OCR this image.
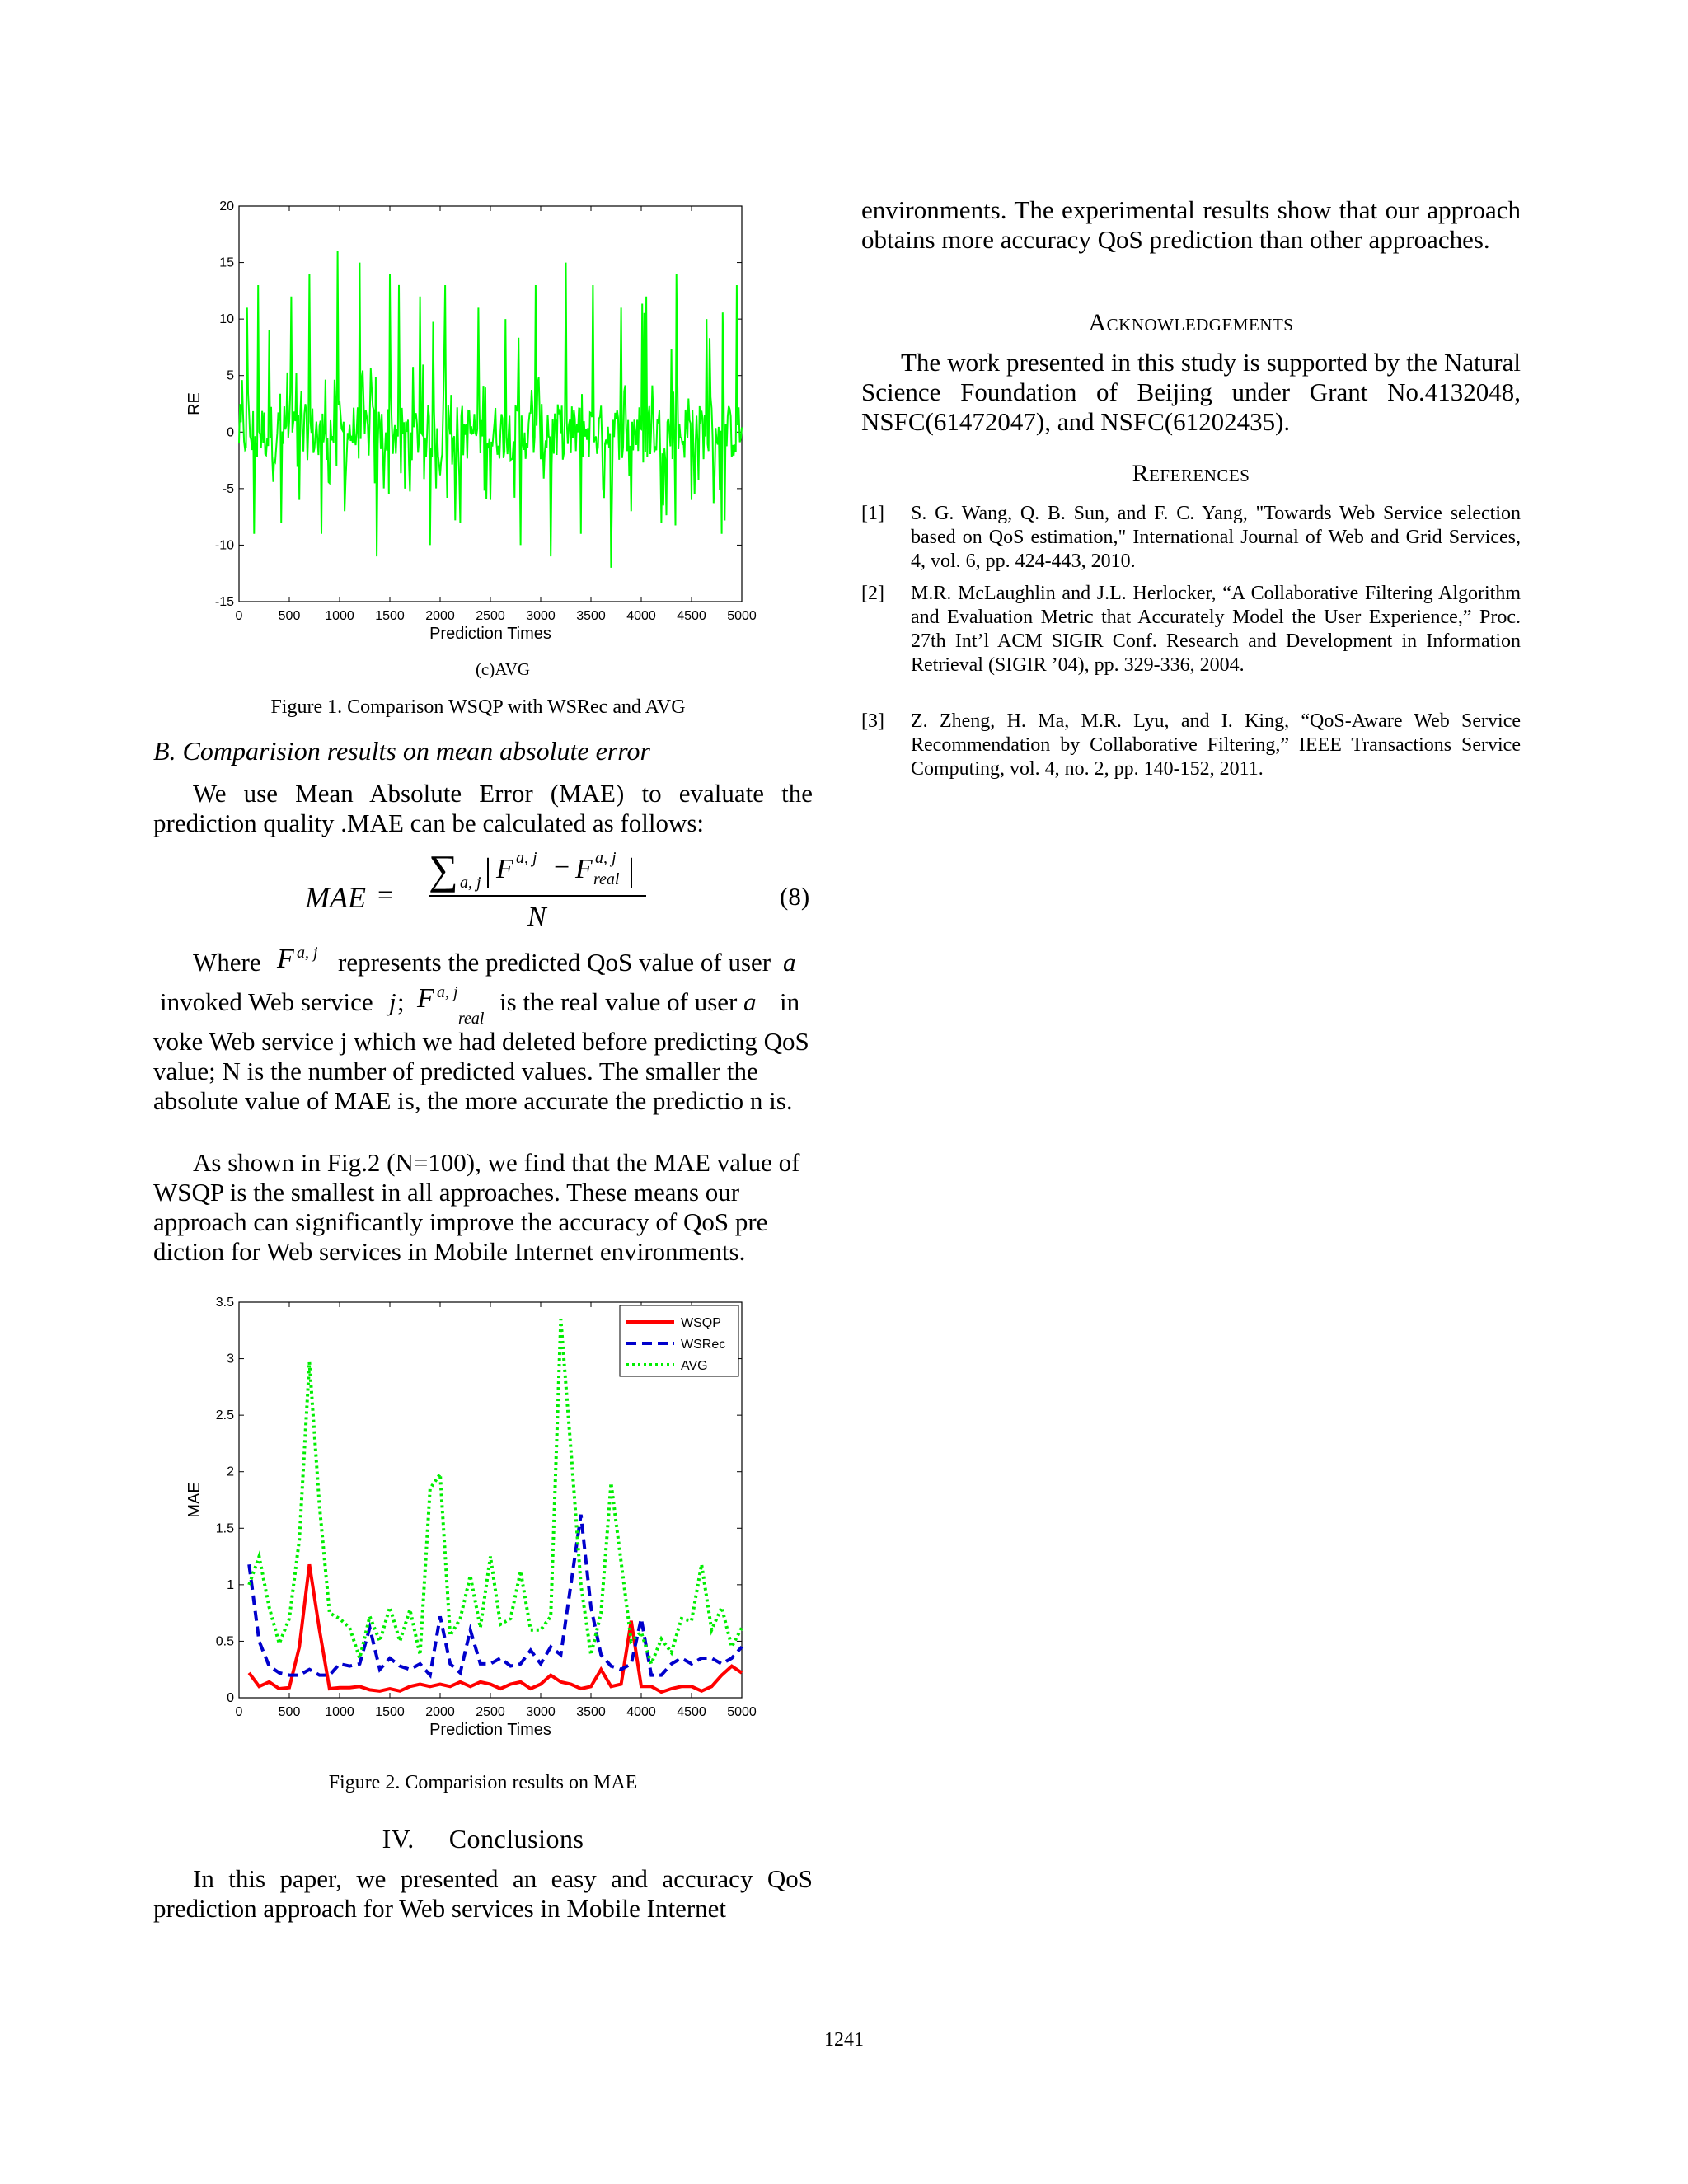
0	500 1000 1500 2000 2500 3000 3500 4000 4500 5000
-15
-10
-5
0
5
10
15
20
Prediction Times
RE
(c)AVG
Figure 1. Comparison WSQP with WSRec and AVG
B. Comparision results on mean absolute error

We use Mean Absolute Error (MAE) to evaluate the prediction quality .MAE can be calculated as follows:

MAE =
∑ a, j | F a, j − F a, j
real |
N
(8)
Where F a, j represents the predicted QoS value of user a
invoked Web service j ; F a, j
real
is the real value of user a in

voke Web service j which we had deleted before predicting QoS value; N is the number of predicted values. The smaller the absolute value of MAE is, the more accurate the predictio n is.

As shown in Fig.2 (N=100), we find that the MAE value of WSQP is the smallest in all approaches. These means our approach can significantly improve the accuracy of QoS pre diction for Web services in Mobile Internet environments.

0	500 1000 1500 2000 2500 3000 3500 4000 4500 5000
0
0.5
1
1.5
2
2.5
3
3.5
Prediction Times
MAE
WSQP
WSRec
AVG
Figure 2. Comparision results on MAE
IV. Conclusions

In this paper, we presented an easy and accuracy QoS prediction approach for Web services in Mobile Internet

environments. The experimental results show that our approach obtains more accuracy QoS prediction than other approaches.

Acknowledgements

The work presented in this study is supported by the Natural Science Foundation of Beijing under Grant No.4132048, NSFC(61472047), and NSFC(61202435).

References
[1] S. G. Wang, Q. B. Sun, and F. C. Yang, "Towards Web Service selection based on QoS estimation," International Journal of Web and Grid Services, 4, vol. 6, pp. 424-443, 2010.
[2] M.R. McLaughlin and J.L. Herlocker, “A Collaborative Filtering Algorithm and Evaluation Metric that Accurately Model the User Experience,” Proc. 27th Int’l ACM SIGIR Conf. Research and Development in Information Retrieval (SIGIR ’04), pp. 329-336, 2004.
[3] Z. Zheng, H. Ma, M.R. Lyu, and I. King, “QoS-Aware Web Service Recommendation by Collaborative Filtering,” IEEE Transactions Service Computing, vol. 4, no. 2, pp. 140-152, 2011.
1241
